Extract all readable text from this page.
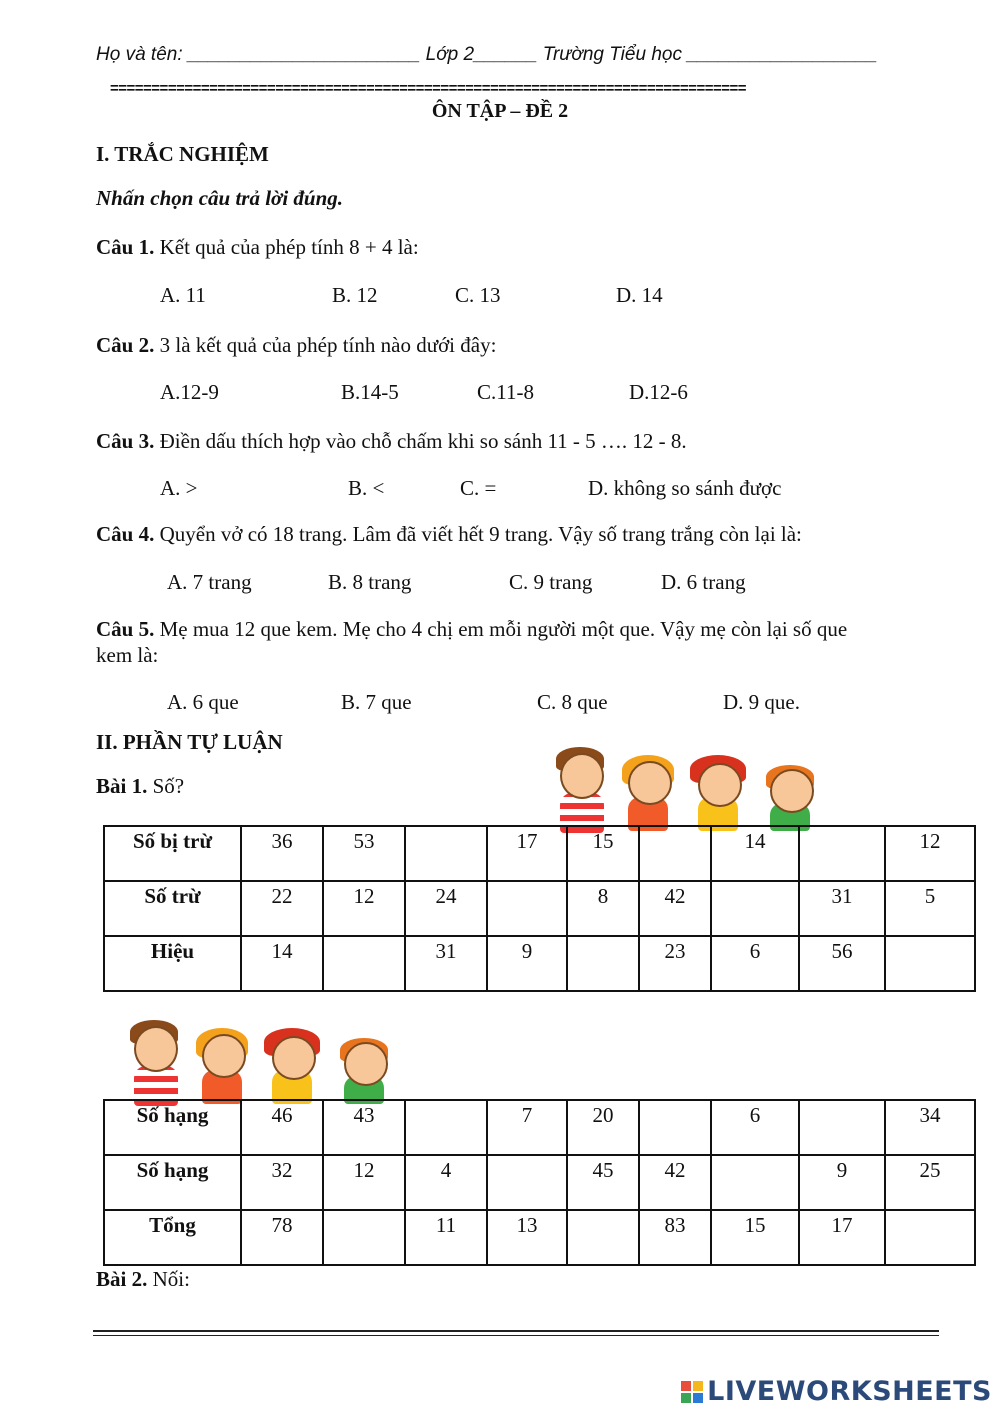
Họ và tên: ______________________ Lớp 2______ Trường Tiểu học __________________
=============================================================================
ÔN TẬP – ĐỀ 2
I. TRẮC NGHIỆM
Nhấn chọn câu trả lời đúng.
Câu 1. Kết quả của phép tính 8 + 4 là:
A. 11	B. 12	C. 13	D. 14
Câu 2. 3 là kết quả của phép tính nào dưới đây:
A.12-9	B.14-5	C.11-8	D.12-6
Câu 3. Điền dấu thích hợp vào chỗ chấm khi so sánh 11 - 5 …. 12 - 8.
A. >	B. <	C. =	D. không so sánh được
Câu 4. Quyển vở có 18 trang. Lâm đã viết hết 9 trang. Vậy số trang trắng còn lại là:
A. 7 trang	B. 8 trang	C. 9 trang	D. 6 trang
Câu 5. Mẹ mua 12 que kem. Mẹ cho 4 chị em mỗi người một que. Vậy mẹ còn lại số que kem là:
A. 6 que	B. 7 que	C. 8 que	D. 9 que.
II. PHẦN TỰ LUẬN
Bài 1. Số?
Số bị trừ	36	53		17	15		14		12
Số trừ	22	12	24		8	42		31	5
Hiệu	14		31	9		23	6	56	
Số hạng	46	43		7	20		6		34
Số hạng	32	12	4		45	42		9	25
Tổng	78		11	13		83	15	17	
Bài 2. Nối:
LIVEWORKSHEETS
